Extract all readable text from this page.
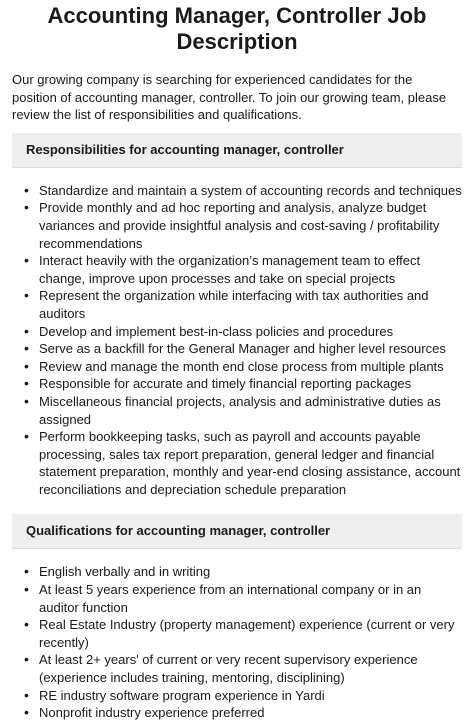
Accounting Manager, Controller Job Description

Our growing company is searching for experienced candidates for the position of accounting manager, controller. To join our growing team, please review the list of responsibilities and qualifications.

Responsibilities for accounting manager, controller
• Standardize and maintain a system of accounting records and techniques
• Provide monthly and ad hoc reporting and analysis, analyze budget variances and provide insightful analysis and cost-saving / profitability recommendations
• Interact heavily with the organization’s management team to effect change, improve upon processes and take on special projects
• Represent the organization while interfacing with tax authorities and auditors
• Develop and implement best-in-class policies and procedures
• Serve as a backfill for the General Manager and higher level resources
• Review and manage the month end close process from multiple plants
• Responsible for accurate and timely financial reporting packages
• Miscellaneous financial projects, analysis and administrative duties as assigned
• Perform bookkeeping tasks, such as payroll and accounts payable processing, sales tax report preparation, general ledger and financial statement preparation, monthly and year-end closing assistance, account reconciliations and depreciation schedule preparation
Qualifications for accounting manager, controller
• English verbally and in writing
• At least 5 years experience from an international company or in an auditor function
• Real Estate Industry (property management) experience (current or very recently)
• At least 2+ years' of current or very recent supervisory experience (experience includes training, mentoring, disciplining)
• RE industry software program experience in Yardi
• Nonprofit industry experience preferred
